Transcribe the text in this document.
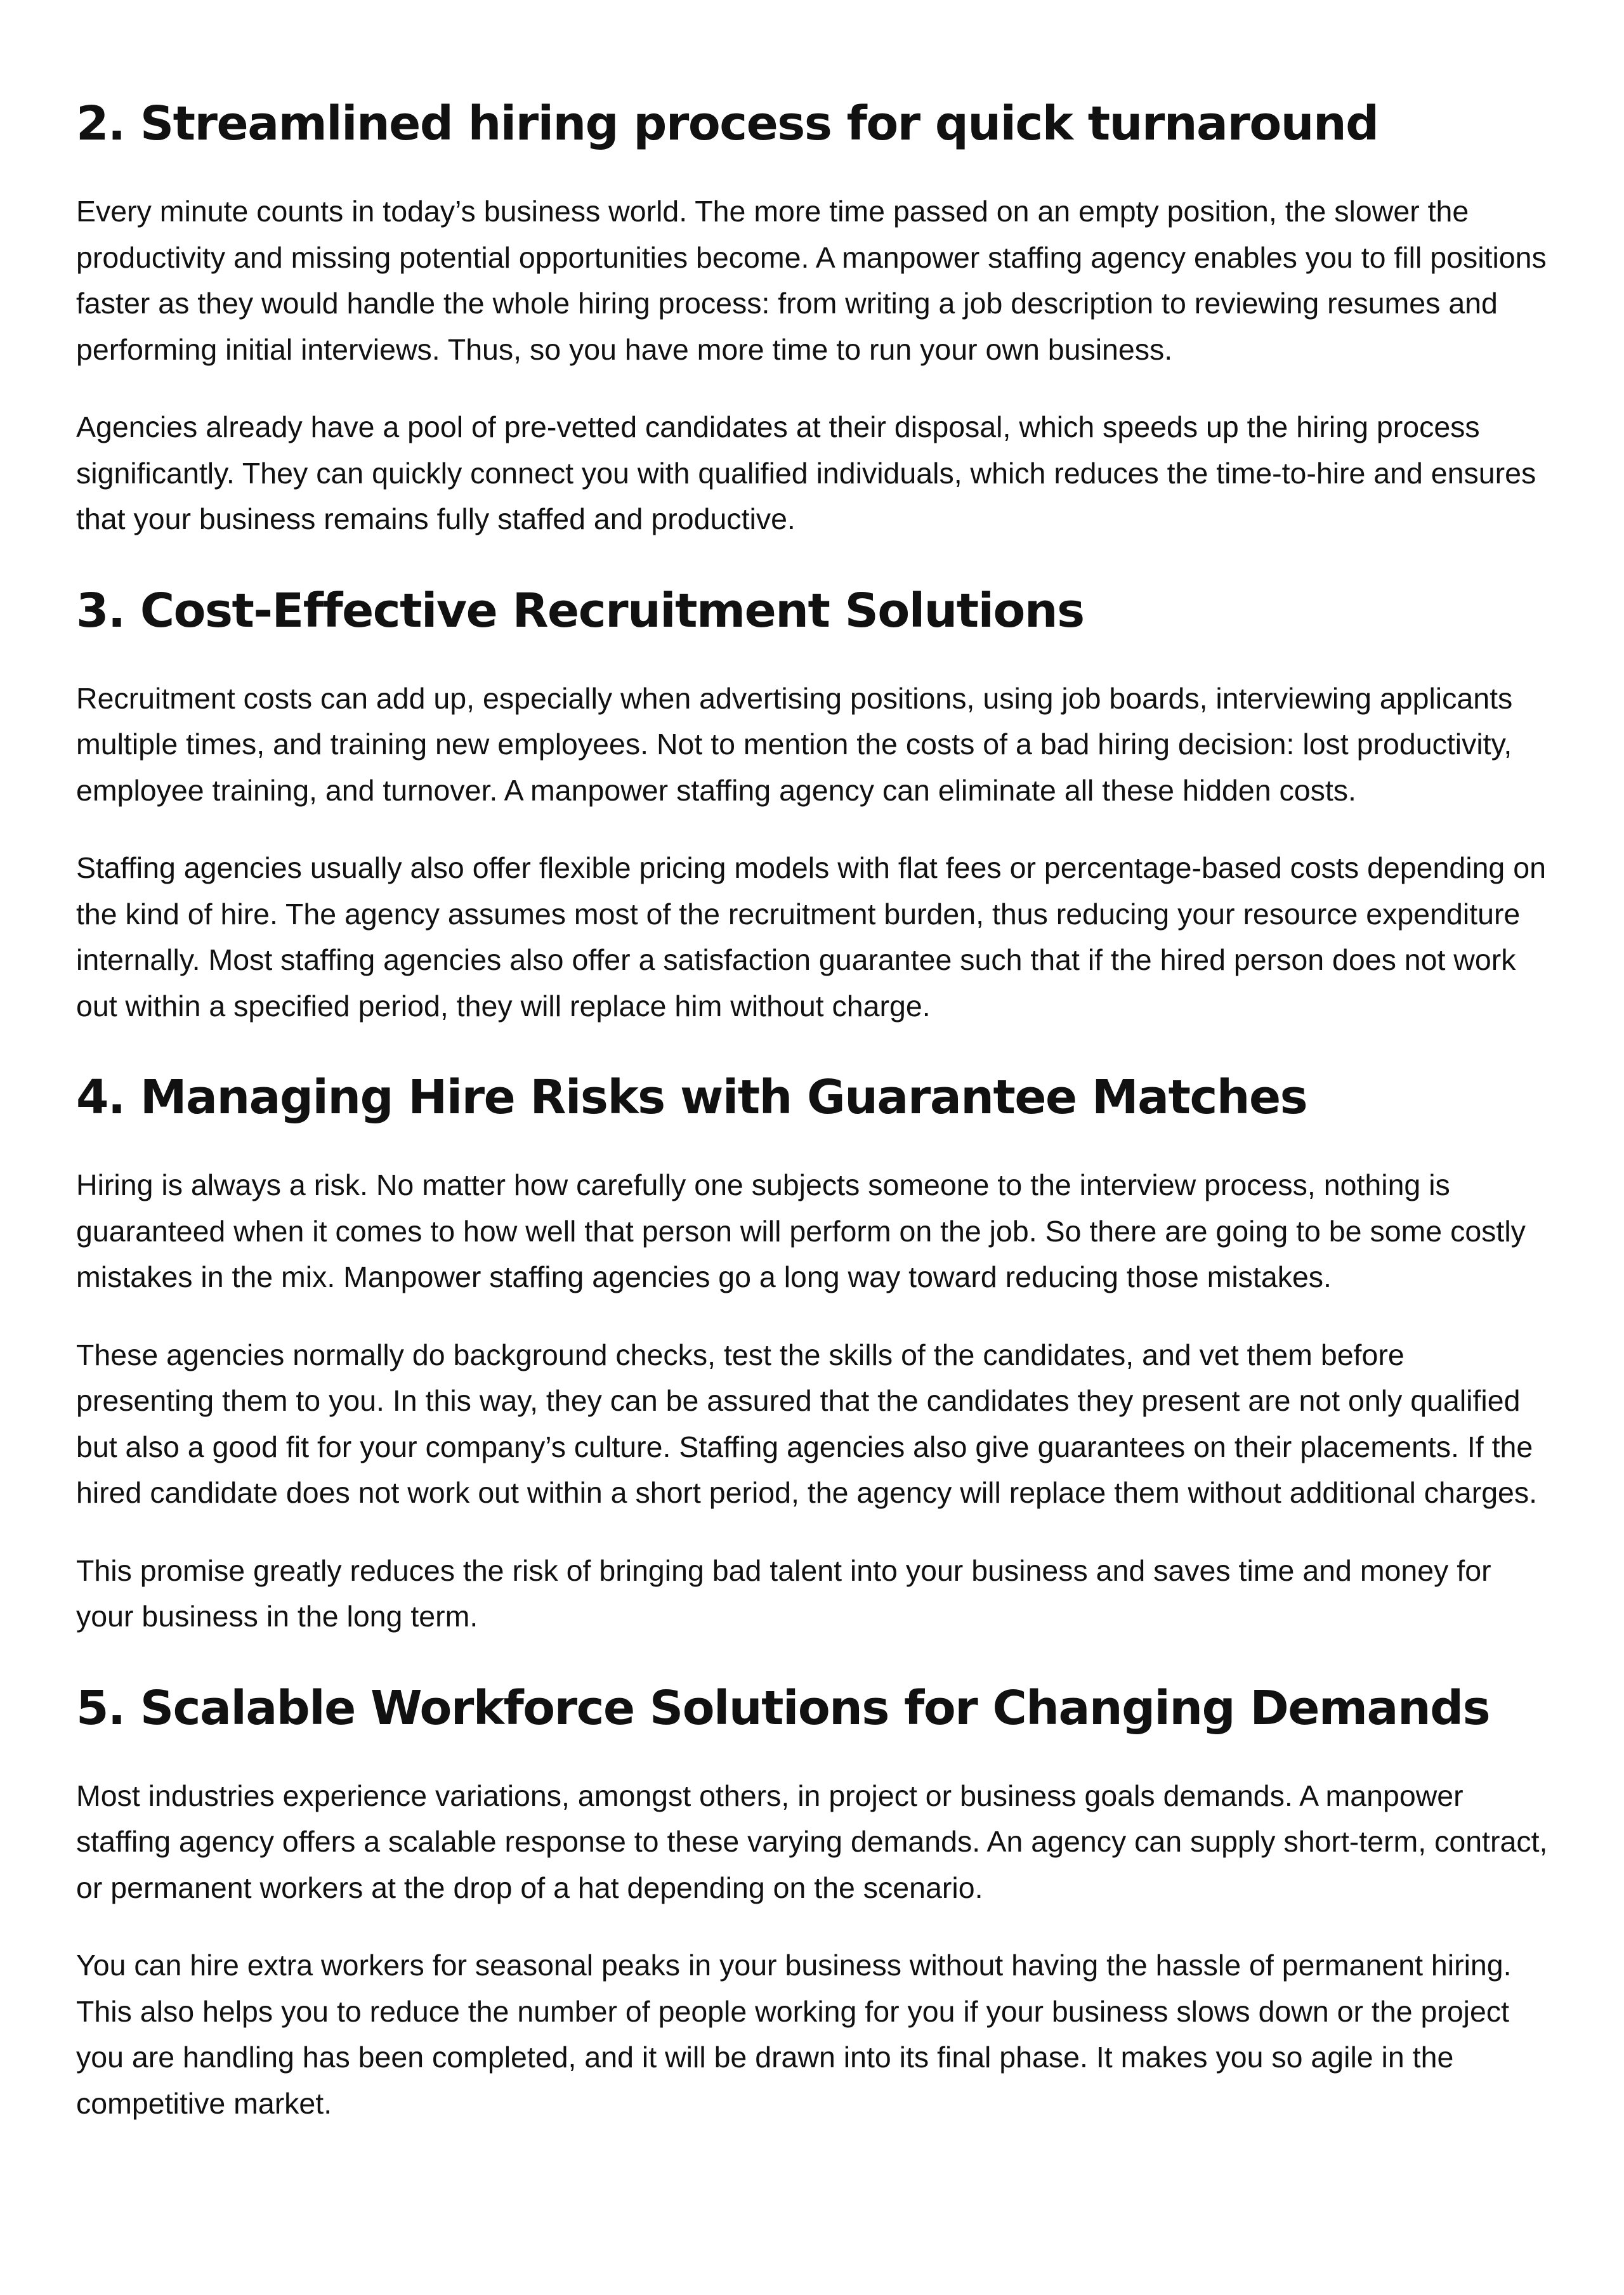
2. Streamlined hiring process for quick turnaround

Every minute counts in today’s business world. The more time passed on an empty position, the slower the productivity and missing potential opportunities become. A manpower staffing agency enables you to fill positions faster as they would handle the whole hiring process: from writing a job description to reviewing resumes and performing initial interviews. Thus, so you have more time to run your own business.

Agencies already have a pool of pre-vetted candidates at their disposal, which speeds up the hiring process significantly. They can quickly connect you with qualified individuals, which reduces the time-to-hire and ensures that your business remains fully staffed and productive.

3. Cost-Effective Recruitment Solutions

Recruitment costs can add up, especially when advertising positions, using job boards, interviewing applicants multiple times, and training new employees. Not to mention the costs of a bad hiring decision: lost productivity, employee training, and turnover. A manpower staffing agency can eliminate all these hidden costs.

Staffing agencies usually also offer flexible pricing models with flat fees or percentage-based costs depending on the kind of hire. The agency assumes most of the recruitment burden, thus reducing your resource expenditure internally. Most staffing agencies also offer a satisfaction guarantee such that if the hired person does not work out within a specified period, they will replace him without charge.

4. Managing Hire Risks with Guarantee Matches

Hiring is always a risk. No matter how carefully one subjects someone to the interview process, nothing is guaranteed when it comes to how well that person will perform on the job. So there are going to be some costly mistakes in the mix. Manpower staffing agencies go a long way toward reducing those mistakes.

These agencies normally do background checks, test the skills of the candidates, and vet them before presenting them to you. In this way, they can be assured that the candidates they present are not only qualified but also a good fit for your company’s culture. Staffing agencies also give guarantees on their placements. If the hired candidate does not work out within a short period, the agency will replace them without additional charges.

This promise greatly reduces the risk of bringing bad talent into your business and saves time and money for your business in the long term.

5. Scalable Workforce Solutions for Changing Demands

Most industries experience variations, amongst others, in project or business goals demands. A manpower staffing agency offers a scalable response to these varying demands. An agency can supply short-term, contract, or permanent workers at the drop of a hat depending on the scenario.

You can hire extra workers for seasonal peaks in your business without having the hassle of permanent hiring. This also helps you to reduce the number of people working for you if your business slows down or the project you are handling has been completed, and it will be drawn into its final phase. It makes you so agile in the competitive market.
